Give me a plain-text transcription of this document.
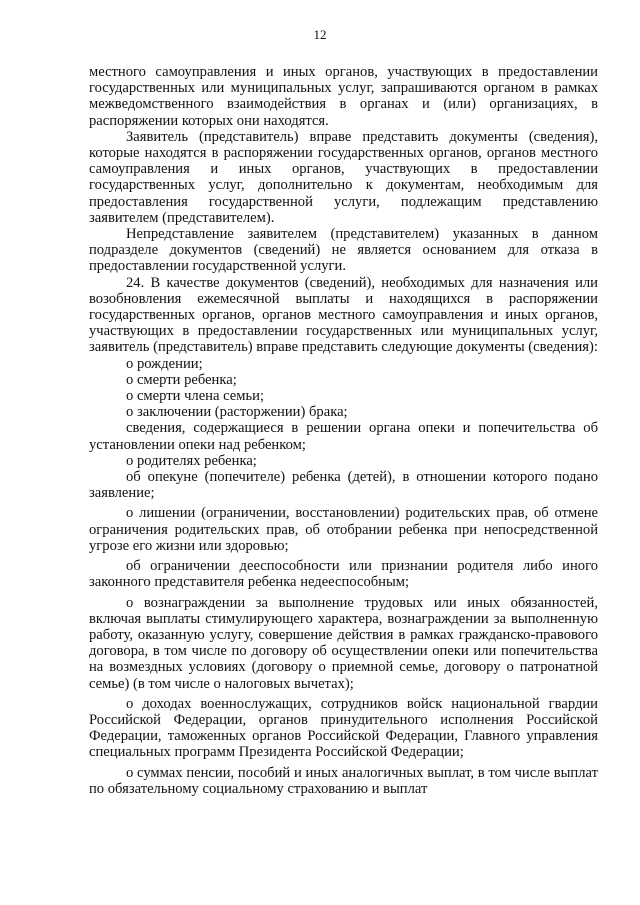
12

местного самоуправления и иных органов, участвующих в предоставлении государственных или муниципальных услуг, запрашиваются органом в рамках межведомственного взаимодействия в органах и (или) организациях, в распоряжении которых они находятся.

Заявитель (представитель) вправе представить документы (сведения), которые находятся в распоряжении государственных органов, органов местного самоуправления и иных органов, участвующих в предоставлении государственных услуг, дополнительно к документам, необходимым для предоставления государственной услуги, подлежащим представлению заявителем (представителем).

Непредставление заявителем (представителем) указанных в данном подразделе документов (сведений) не является основанием для отказа в предоставлении государственной услуги.

24. В качестве документов (сведений), необходимых для назначения или возобновления ежемесячной выплаты и находящихся в распоряжении государственных органов, органов местного самоуправления и иных органов, участвующих в предоставлении государственных или муниципальных услуг, заявитель (представитель) вправе представить следующие документы (сведения):

о рождении;

о смерти ребенка;

о смерти члена семьи;

о заключении (расторжении) брака;

сведения, содержащиеся в решении органа опеки и попечительства об установлении опеки над ребенком;

о родителях ребенка;

об опекуне (попечителе) ребенка (детей), в отношении которого подано заявление;

о лишении (ограничении, восстановлении) родительских прав, об отмене ограничения родительских прав, об отобрании ребенка при непосредственной угрозе его жизни или здоровью;

об ограничении дееспособности или признании родителя либо иного законного представителя ребенка недееспособным;

о вознаграждении за выполнение трудовых или иных обязанностей, включая выплаты стимулирующего характера, вознаграждении за выполненную работу, оказанную услугу, совершение действия в рамках гражданско-правового договора, в том числе по договору об осуществлении опеки или попечительства на возмездных условиях (договору о приемной семье, договору о патронатной семье) (в том числе о налоговых вычетах);

о доходах военнослужащих, сотрудников войск национальной гвардии Российской Федерации, органов принудительного исполнения Российской Федерации, таможенных органов Российской Федерации, Главного управления специальных программ Президента Российской Федерации;

о суммах пенсии, пособий и иных аналогичных выплат, в том числе выплат по обязательному социальному страхованию и выплат
